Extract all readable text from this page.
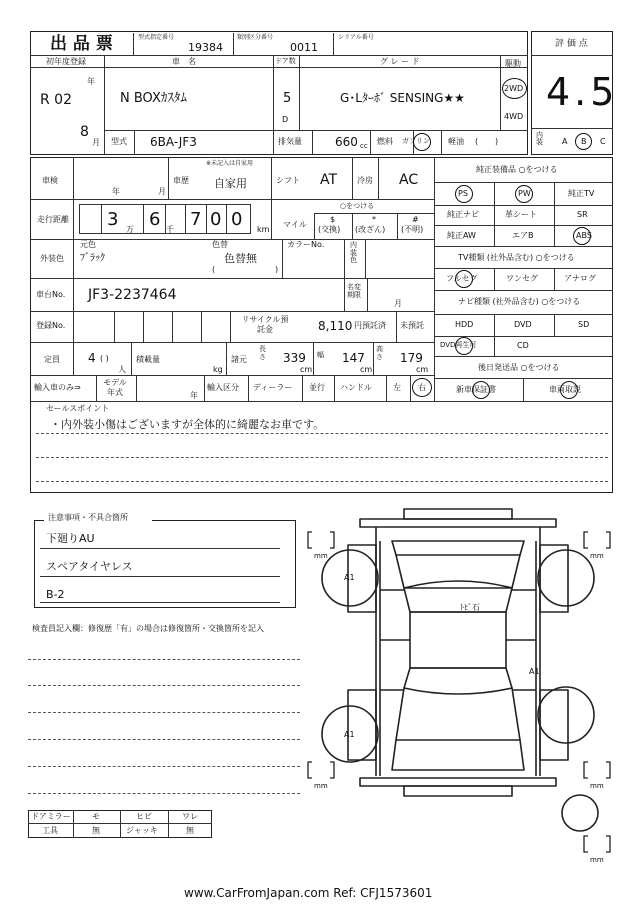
出 品 票	型式指定番号
19384
類別区分番号
0011
シリアル番号
評 価 点
4.5
内装	A B C
初年度登録
R 02
年
8
月
車　名
N BOXｶｽﾀﾑ
ドア数
5
D
グ レ ー ド
G･Lﾀｰﾎﾞ SENSING★★
駆動
2WD
4WD
型式 6BA-JF3	排気量	660 cc 燃料 ガソリン 軽油 ( )
車検
年	月
車歴
※未記入は自家用
自家用	シフト AT 冷房 AC
走行距離 3 万 6 千 7 0 0 km
マイル
○をつける
$
(交換)
*
(改ざん)
#
(不明)
外装色
元色
ﾌﾞﾗｯｸ
色替
色替無
(	)
カラーNo.	内装色
車台No. JF3-2237464	名変期限
月
登録No.
リサイクル預託金	8,110 円預託済 未預託
定員 4 ( )
人
積載量
kg
諸元
長さ 339
cm
幅 147
cm
高さ 179
cm
輸入車のみ⇒
モデル年式	年
輸入区分 ディーラー 並行 ハンドル	左 右
純正装備品 ○をつける
PS	PW	純正TV
純正ナビ	革シート	SR
純正AW	エアB	ABS
TV種類 (社外品含む) ○をつける
フルセグ	ワンセグ	アナログ
ナビ種類 (社外品含む) ○をつける
HDD	DVD	SD
DVD再生可	CD
後日発送品 ○をつける
新車保証書	車両取説
セールスポイント
・内外装小傷はございますが全体的に綺麗なお車です。
注意事項・不具合箇所
下廻りAU
スペアタイヤレス
B-2
検査員記入欄：修復歴「有」の場合は修復箇所・交換箇所を記入
ドアミラー	モ	ヒビ	ワレ
工具	無	ジャッキ	無
A1
ﾄﾋﾞ石
A1
A1
mm	mm
mm	mm
mm
www.CarFromJapan.com Ref: CFJ1573601
